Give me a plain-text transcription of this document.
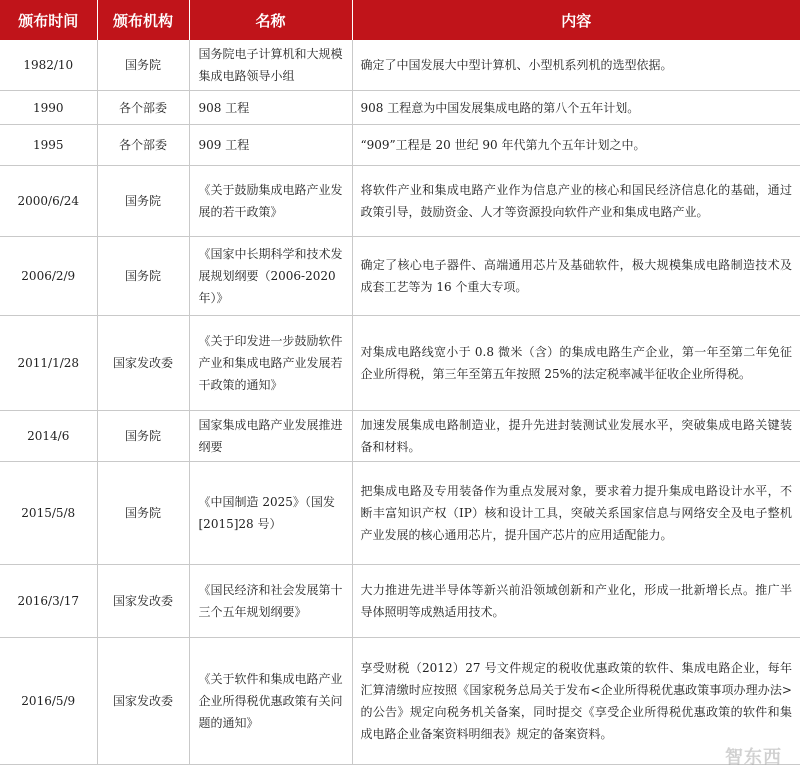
颁布时间	颁布机构	名称	内容
1982/10	国务院	国务院电子计算机和大规模集成电路领导小组	确定了中国发展大中型计算机、小型机系列机的选型依据。
1990	各个部委	908 工程	908 工程意为中国发展集成电路的第八个五年计划。
1995	各个部委	909 工程	“909”工程是 20 世纪 90 年代第九个五年计划之中。
2000/6/24	国务院	《关于鼓励集成电路产业发展的若干政策》	将软件产业和集成电路产业作为信息产业的核心和国民经济信息化的基础，通过政策引导，鼓励资金、人才等资源投向软件产业和集成电路产业。
2006/2/9	国务院	《国家中长期科学和技术发展规划纲要（2006-2020 年）》	确定了核心电子器件、高端通用芯片及基础软件，极大规模集成电路制造技术及成套工艺等为 16 个重大专项。
2011/1/28	国家发改委	《关于印发进一步鼓励软件产业和集成电路产业发展若干政策的通知》	对集成电路线宽小于 0.8 微米（含）的集成电路生产企业，第一年至第二年免征企业所得税，第三年至第五年按照 25%的法定税率减半征收企业所得税。
2014/6	国务院	国家集成电路产业发展推进纲要	加速发展集成电路制造业，提升先进封装测试业发展水平，突破集成电路关键装备和材料。
2015/5/8	国务院	《中国制造 2025》（国发[2015]28 号）	把集成电路及专用装备作为重点发展对象，要求着力提升集成电路设计水平，不断丰富知识产权（IP）核和设计工具，突破关系国家信息与网络安全及电子整机产业发展的核心通用芯片，提升国产芯片的应用适配能力。
2016/3/17	国家发改委	《国民经济和社会发展第十三个五年规划纲要》	大力推进先进半导体等新兴前沿领域创新和产业化，形成一批新增长点。推广半导体照明等成熟适用技术。
2016/5/9	国家发改委	《关于软件和集成电路产业企业所得税优惠政策有关问题的通知》	享受财税（2012）27 号文件规定的税收优惠政策的软件、集成电路企业，每年汇算清缴时应按照《国家税务总局关于发布<企业所得税优惠政策事项办理办法>的公告》规定向税务机关备案，同时提交《享受企业所得税优惠政策的软件和集成电路企业备案资料明细表》规定的备案资料。
智东西
